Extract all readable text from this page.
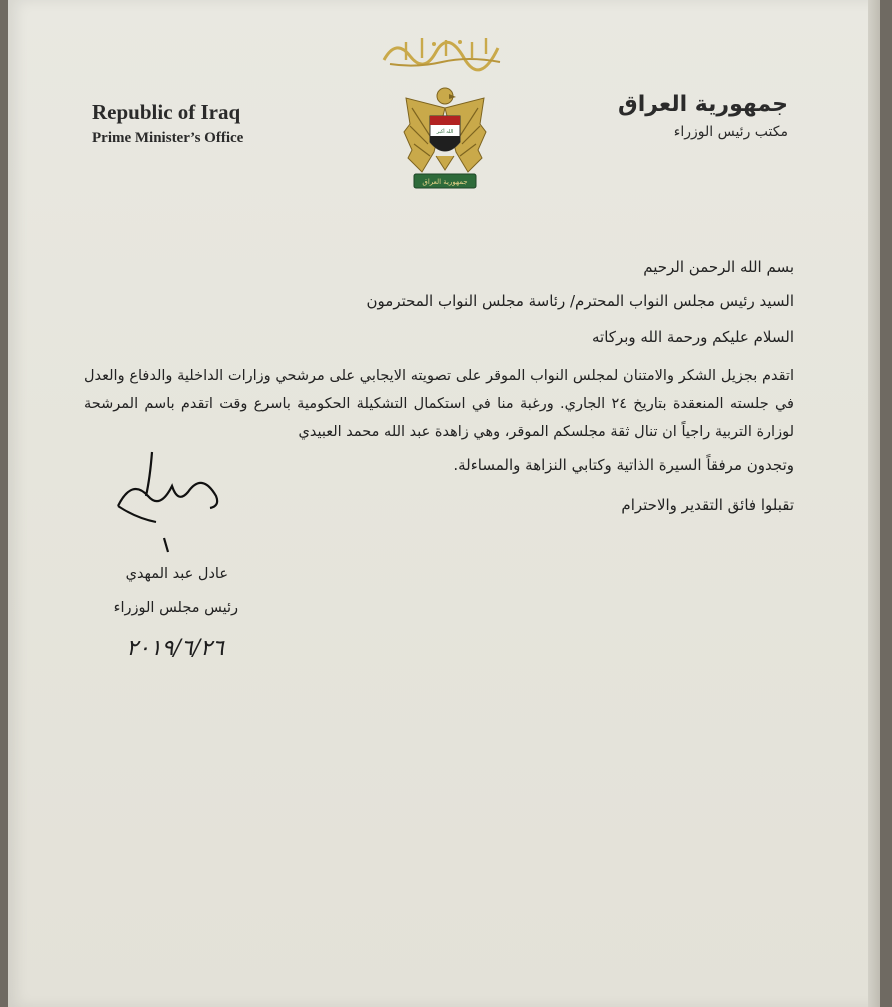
Republic of Iraq

Prime Minister’s Office	الله أكبر
جمهورية العراق

جمهورية العراق

مكتب رئيس الوزراء

بسم الله الرحمن الرحيم

السيد رئيس مجلس النواب المحترم/ رئاسة مجلس النواب المحترمون

السلام عليكم ورحمة الله وبركاته

اتقدم بجزيل الشكر والامتنان لمجلس النواب الموقر على تصويته الايجابي على مرشحي وزارات الداخلية والدفاع والعدل في جلسته المنعقدة بتاريخ ٢٤ الجاري. ورغبة منا في استكمال التشكيلة الحكومية باسرع وقت اتقدم باسم المرشحة لوزارة التربية راجياً ان تنال ثقة مجلسكم الموقر، وهي زاهدة عبد الله محمد العبيدي

وتجدون مرفقاً السيرة الذاتية وكتابي النزاهة والمساءلة.

تقبلوا فائق التقدير والاحترام

عادل عبد المهدي

رئيس مجلس الوزراء

٢٠١٩/٦/٢٦
